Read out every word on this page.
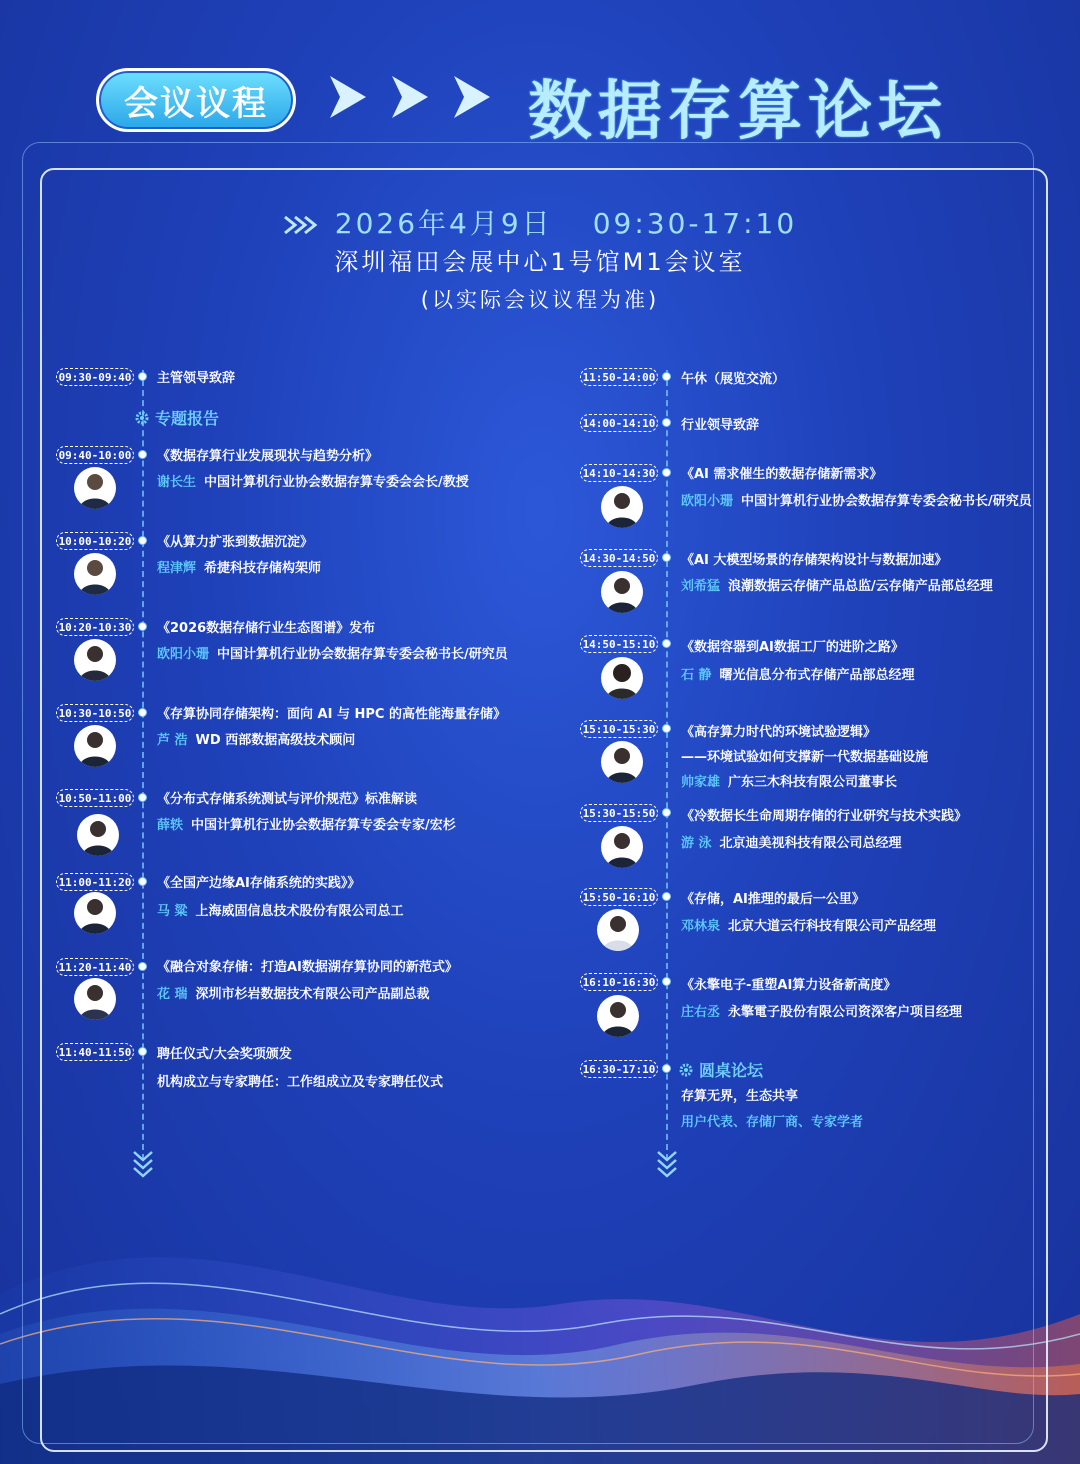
会议议程	数据存算论坛
2026年4月9日 09:30-17:10
深圳福田会展中心1号馆M1会议室
(以实际会议议程为准)
09:30-09:40 主管领导致辞
专题报告
09:40-10:00 《数据存算行业发展现状与趋势分析》
谢长生 中国计算机行业协会数据存算专委会会长/教授
10:00-10:20 《从算力扩张到数据沉淀》
程津辉 希捷科技存储构架师
10:20-10:30 《2026数据存储行业生态图谱》发布
欧阳小珊 中国计算机行业协会数据存算专委会秘书长/研究员
10:30-10:50 《存算协同存储架构：面向 AI 与 HPC 的高性能海量存储》
芦 浩 WD 西部数据高级技术顾问
10:50-11:00 《分布式存储系统测试与评价规范》标准解读
薛轶 中国计算机行业协会数据存算专委会专家/宏杉
11:00-11:20 《全国产边缘AI存储系统的实践》》
马 粱 上海威固信息技术股份有限公司总工
11:20-11:40 《融合对象存储：打造AI数据湖存算协同的新范式》
花 瑞 深圳市杉岩数据技术有限公司产品副总裁
11:40-11:50 聘任仪式/大会奖项颁发
机构成立与专家聘任：工作组成立及专家聘任仪式
11:50-14:00 午休（展览交流）
14:00-14:10 行业领导致辞
14:10-14:30 《AI 需求催生的数据存储新需求》
欧阳小珊 中国计算机行业协会数据存算专委会秘书长/研究员
14:30-14:50 《AI 大模型场景的存储架构设计与数据加速》
刘希猛 浪潮数据云存储产品总监/云存储产品部总经理
14:50-15:10 《数据容器到AI数据工厂的进阶之路》
石 静 曙光信息分布式存储产品部总经理
15:10-15:30 《高存算力时代的环境试验逻辑》
——环境试验如何支撑新一代数据基础设施
帅家雄 广东三木科技有限公司董事长
15:30-15:50 《冷数据长生命周期存储的行业研究与技术实践》
游 泳 北京迪美视科技有限公司总经理
15:50-16:10 《存储，AI推理的最后一公里》
邓林泉 北京大道云行科技有限公司产品经理
16:10-16:30 《永擎电子-重塑AI算力设备新高度》
庄右丞 永擎電子股份有限公司资深客户项目经理
16:30-17:10	圆桌论坛
存算无界，生态共享
用户代表、存储厂商、专家学者
